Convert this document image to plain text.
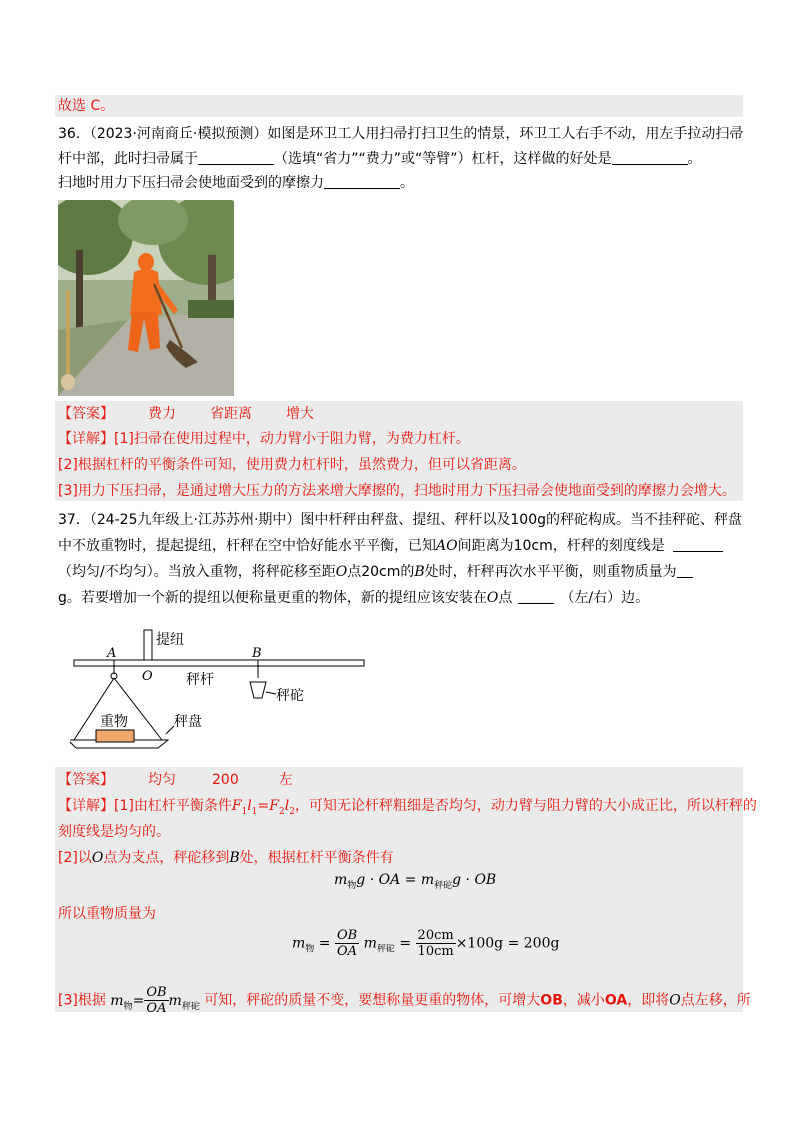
故选 C。
36．（2023·河南商丘·模拟预测）如图是环卫工人用扫帚打扫卫生的情景，环卫工人右手不动，用左手拉动扫帚
杆中部，此时扫帚属于	（选填“省力”“费力”或“等臂”）杠杆，这样做的好处是	。
扫地时用力下压扫帚会使地面受到的摩擦力	。
【答案】 费力 省距离 增大
【详解】[1]扫帚在使用过程中，动力臂小于阻力臂，为费力杠杆。
[2]根据杠杆的平衡条件可知，使用费力杠杆时，虽然费力，但可以省距离。
[3]用力下压扫帚，是通过增大压力的方法来增大摩擦的，扫地时用力下压扫帚会使地面受到的摩擦力会增大。
37．（24-25九年级上·江苏苏州·期中）图中杆秤由秤盘、提纽、秤杆以及100g的秤砣构成。当不挂秤砣、秤盘
中不放重物时，提起提纽，杆秤在空中恰好能水平平衡，已知AO间距离为10cm，杆秤的刻度线是
（均匀/不均匀）。当放入重物，将秤砣移至距O点20cm的B处时，杆秤再次水平平衡，则重物质量为
g。若要增加一个新的提纽以便称量更重的物体，新的提纽应该安装在O点	（左/右）边。
提纽
A
O
B
秤杆
秤砣
重物	秤盘
【答案】 均匀	200	左
【详解】[1]由杠杆平衡条件$F_1l_1=F_2l_2$，可知无论杆秤粗细是否均匀，动力臂与阻力臂的大小成正比，所以杆秤的
刻度线是均匀的。
[2]以O点为支点，秤砣移到B处，根据杠杆平衡条件有
$m_物g$ · OA = $m_{秤砣}g$ · OB
所以重物质量为
$m_物 = \frac{OB}{OA} m_{秤砣} = \frac{20cm}{10cm} \times 100g = 200g$
[3]根据 $m_物= \frac{OB}{OA} m_{秤砣}$ 可知，秤砣的质量不变，要想称量更重的物体，可增大OB，减小OA，即将O点左移，所
